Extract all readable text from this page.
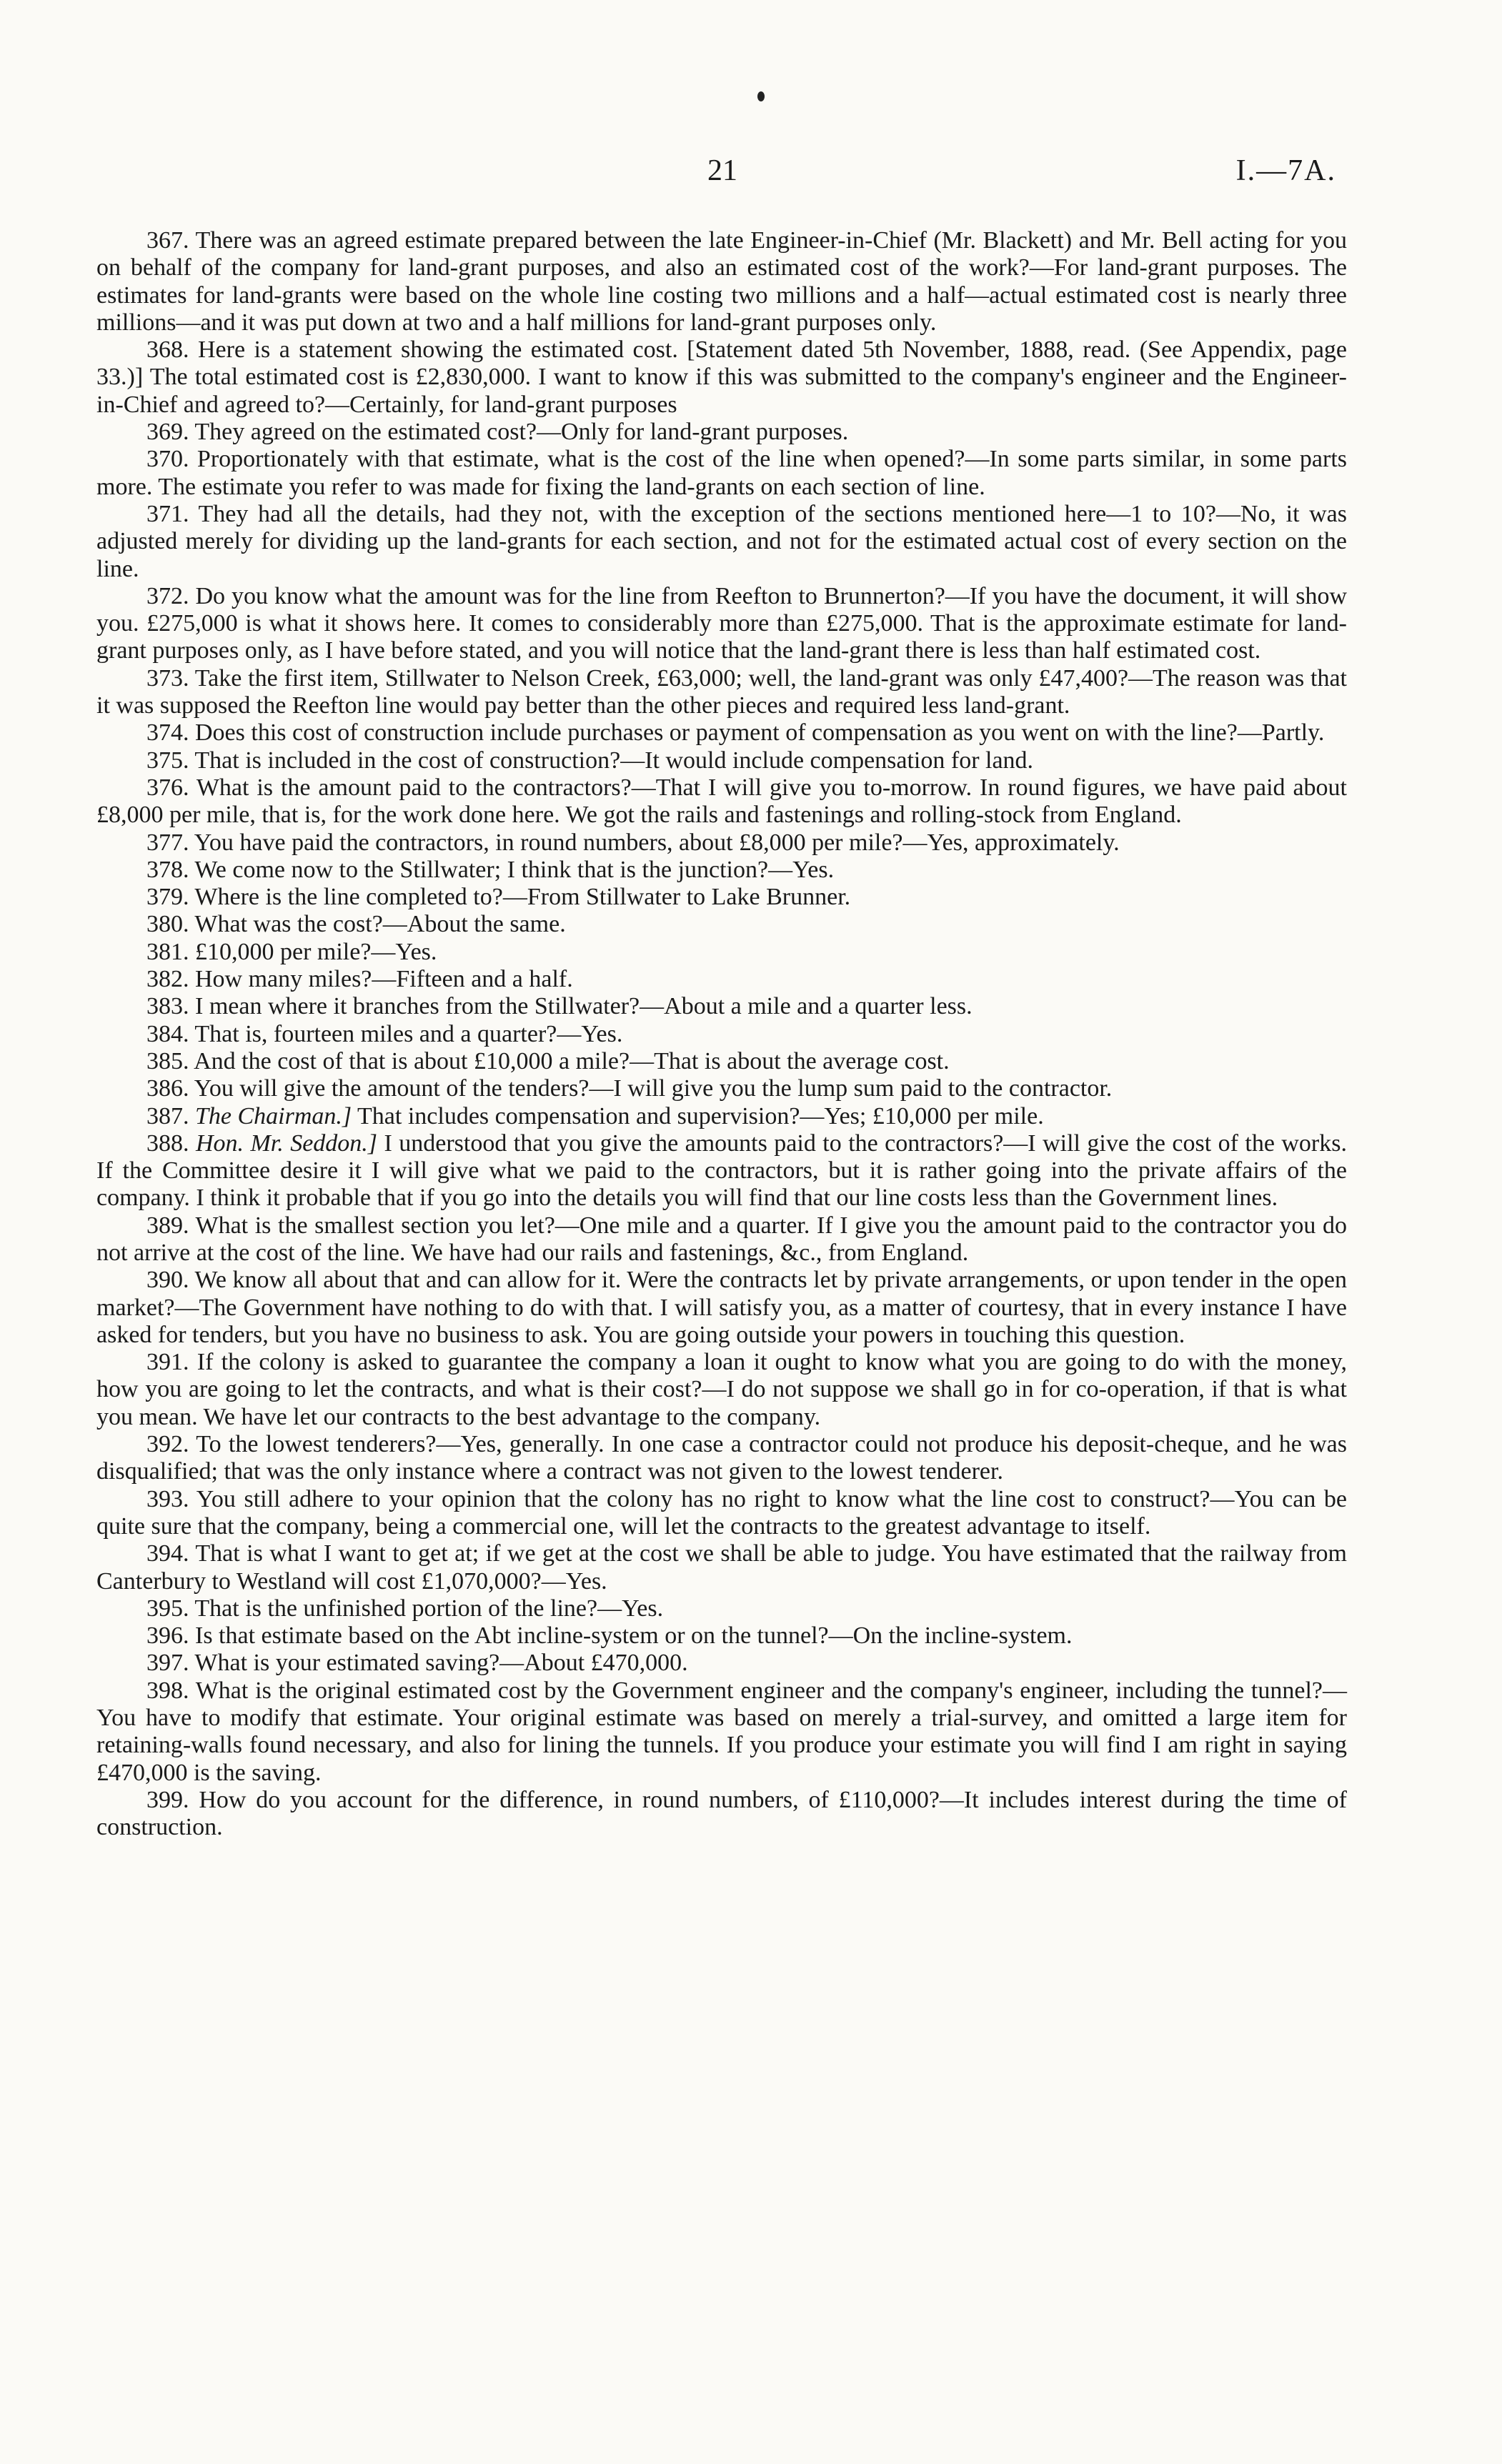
21	I.—7A.

367. There was an agreed estimate prepared between the late Engineer-in-Chief (Mr. Blackett) and Mr. Bell acting for you on behalf of the company for land-grant purposes, and also an estimated cost of the work?—For land-grant purposes. The estimates for land-grants were based on the whole line costing two millions and a half—actual estimated cost is nearly three millions—and it was put down at two and a half millions for land-grant purposes only.

368. Here is a statement showing the estimated cost. [Statement dated 5th November, 1888, read. (See Appendix, page 33.)] The total estimated cost is £2,830,000. I want to know if this was submitted to the company's engineer and the Engineer-in-Chief and agreed to?—Certainly, for land-grant purposes

369. They agreed on the estimated cost?—Only for land-grant purposes.

370. Proportionately with that estimate, what is the cost of the line when opened?—In some parts similar, in some parts more. The estimate you refer to was made for fixing the land-grants on each section of line.

371. They had all the details, had they not, with the exception of the sections mentioned here—1 to 10?—No, it was adjusted merely for dividing up the land-grants for each section, and not for the estimated actual cost of every section on the line.

372. Do you know what the amount was for the line from Reefton to Brunnerton?—If you have the document, it will show you. £275,000 is what it shows here. It comes to considerably more than £275,000. That is the approximate estimate for land-grant purposes only, as I have before stated, and you will notice that the land-grant there is less than half estimated cost.

373. Take the first item, Stillwater to Nelson Creek, £63,000; well, the land-grant was only £47,400?—The reason was that it was supposed the Reefton line would pay better than the other pieces and required less land-grant.

374. Does this cost of construction include purchases or payment of compensation as you went on with the line?—Partly.

375. That is included in the cost of construction?—It would include compensation for land.

376. What is the amount paid to the contractors?—That I will give you to-morrow. In round figures, we have paid about £8,000 per mile, that is, for the work done here. We got the rails and fastenings and rolling-stock from England.

377. You have paid the contractors, in round numbers, about £8,000 per mile?—Yes, approximately.

378. We come now to the Stillwater; I think that is the junction?—Yes.

379. Where is the line completed to?—From Stillwater to Lake Brunner.

380. What was the cost?—About the same.

381. £10,000 per mile?—Yes.

382. How many miles?—Fifteen and a half.

383. I mean where it branches from the Stillwater?—About a mile and a quarter less.

384. That is, fourteen miles and a quarter?—Yes.

385. And the cost of that is about £10,000 a mile?—That is about the average cost.

386. You will give the amount of the tenders?—I will give you the lump sum paid to the contractor.

387. The Chairman.] That includes compensation and supervision?—Yes; £10,000 per mile.

388. Hon. Mr. Seddon.] I understood that you give the amounts paid to the contractors?—I will give the cost of the works. If the Committee desire it I will give what we paid to the contractors, but it is rather going into the private affairs of the company. I think it probable that if you go into the details you will find that our line costs less than the Government lines.

389. What is the smallest section you let?—One mile and a quarter. If I give you the amount paid to the contractor you do not arrive at the cost of the line. We have had our rails and fastenings, &c., from England.

390. We know all about that and can allow for it. Were the contracts let by private arrangements, or upon tender in the open market?—The Government have nothing to do with that. I will satisfy you, as a matter of courtesy, that in every instance I have asked for tenders, but you have no business to ask. You are going outside your powers in touching this question.

391. If the colony is asked to guarantee the company a loan it ought to know what you are going to do with the money, how you are going to let the contracts, and what is their cost?—I do not suppose we shall go in for co-operation, if that is what you mean. We have let our contracts to the best advantage to the company.

392. To the lowest tenderers?—Yes, generally. In one case a contractor could not produce his deposit-cheque, and he was disqualified; that was the only instance where a contract was not given to the lowest tenderer.

393. You still adhere to your opinion that the colony has no right to know what the line cost to construct?—You can be quite sure that the company, being a commercial one, will let the contracts to the greatest advantage to itself.

394. That is what I want to get at; if we get at the cost we shall be able to judge. You have estimated that the railway from Canterbury to Westland will cost £1,070,000?—Yes.

395. That is the unfinished portion of the line?—Yes.

396. Is that estimate based on the Abt incline-system or on the tunnel?—On the incline-system.

397. What is your estimated saving?—About £470,000.

398. What is the original estimated cost by the Government engineer and the company's engineer, including the tunnel?—You have to modify that estimate. Your original estimate was based on merely a trial-survey, and omitted a large item for retaining-walls found necessary, and also for lining the tunnels. If you produce your estimate you will find I am right in saying £470,000 is the saving.

399. How do you account for the difference, in round numbers, of £110,000?—It includes interest during the time of construction.
